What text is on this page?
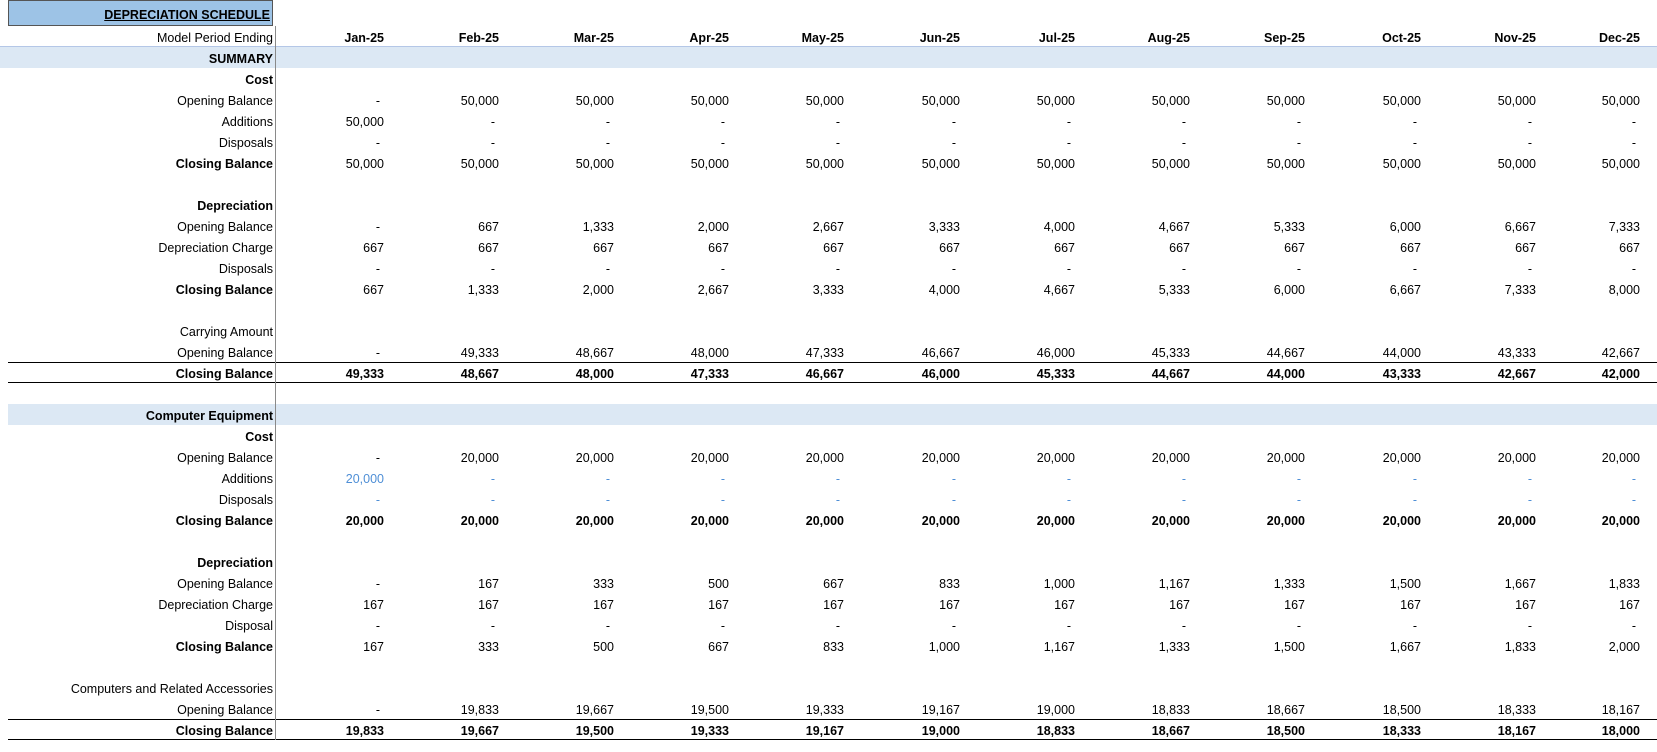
DEPRECIATION SCHEDULE
Model Period Ending	Jan-25	Feb-25	Mar-25	Apr-25	May-25	Jun-25	Jul-25	Aug-25	Sep-25	Oct-25	Nov-25	Dec-25
SUMMARY
Cost
Opening Balance	-	50,000	50,000	50,000	50,000	50,000	50,000	50,000	50,000	50,000	50,000	50,000
Additions	50,000	-	-	-	-	-	-	-	-	-	-	-
Disposals	-	-	-	-	-	-	-	-	-	-	-	-
Closing Balance	50,000	50,000	50,000	50,000	50,000	50,000	50,000	50,000	50,000	50,000	50,000	50,000
Depreciation
Opening Balance	-	667	1,333	2,000	2,667	3,333	4,000	4,667	5,333	6,000	6,667	7,333
Depreciation Charge	667	667	667	667	667	667	667	667	667	667	667	667
Disposals	-	-	-	-	-	-	-	-	-	-	-	-
Closing Balance	667	1,333	2,000	2,667	3,333	4,000	4,667	5,333	6,000	6,667	7,333	8,000
Carrying Amount
Opening Balance	-	49,333	48,667	48,000	47,333	46,667	46,000	45,333	44,667	44,000	43,333	42,667
Closing Balance	49,333	48,667	48,000	47,333	46,667	46,000	45,333	44,667	44,000	43,333	42,667	42,000
Computer Equipment
Cost
Opening Balance	-	20,000	20,000	20,000	20,000	20,000	20,000	20,000	20,000	20,000	20,000	20,000
Additions	20,000	-	-	-	-	-	-	-	-	-	-	-
Disposals	-	-	-	-	-	-	-	-	-	-	-	-
Closing Balance	20,000	20,000	20,000	20,000	20,000	20,000	20,000	20,000	20,000	20,000	20,000	20,000
Depreciation
Opening Balance	-	167	333	500	667	833	1,000	1,167	1,333	1,500	1,667	1,833
Depreciation Charge	167	167	167	167	167	167	167	167	167	167	167	167
Disposal	-	-	-	-	-	-	-	-	-	-	-	-
Closing Balance	167	333	500	667	833	1,000	1,167	1,333	1,500	1,667	1,833	2,000
Computers and Related Accessories
Opening Balance	-	19,833	19,667	19,500	19,333	19,167	19,000	18,833	18,667	18,500	18,333	18,167
Closing Balance	19,833	19,667	19,500	19,333	19,167	19,000	18,833	18,667	18,500	18,333	18,167	18,000
